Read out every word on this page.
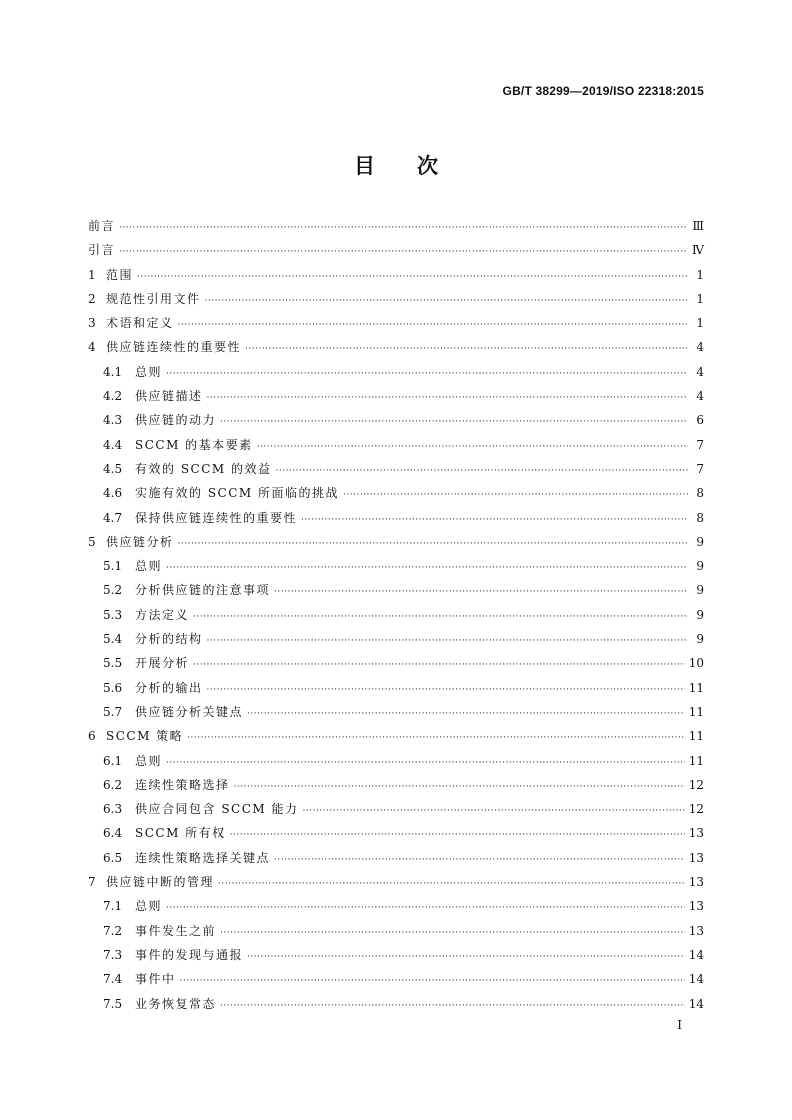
GB/T 38299—2019/ISO 22318:2015
目　　次
前言 ·····	Ⅲ
引言 ·····	Ⅳ
1 范围 ·····	1
2 规范性引用文件 ·····	1
3 术语和定义 ·····	1
4 供应链连续性的重要性 ·····	4
4.1	总则 ·····	4
4.2	供应链描述 ·····	4
4.3	供应链的动力 ·····	6
4.4	SCCM 的基本要素 ·····	7
4.5	有效的 SCCM 的效益 ·····	7
4.6	实施有效的 SCCM 所面临的挑战 ·····	8
4.7	保持供应链连续性的重要性 ·····	8
5 供应链分析 ·····	9
5.1	总则 ·····	9
5.2	分析供应链的注意事项 ·····	9
5.3	方法定义 ·····	9
5.4	分析的结构 ·····	9
5.5	开展分析 ·····	10
5.6	分析的输出 ·····	11
5.7	供应链分析关键点 ·····	11
6 SCCM 策略 ·····	11
6.1	总则 ·····	11
6.2	连续性策略选择 ·····	12
6.3	供应合同包含 SCCM 能力 ·····	12
6.4	SCCM 所有权 ·····	13
6.5	连续性策略选择关键点 ·····	13
7 供应链中断的管理 ·····	13
7.1	总则 ·····	13
7.2	事件发生之前 ·····	13
7.3	事件的发现与通报 ·····	14
7.4	事件中 ·····	14
7.5	业务恢复常态 ·····	14
Ⅰ
